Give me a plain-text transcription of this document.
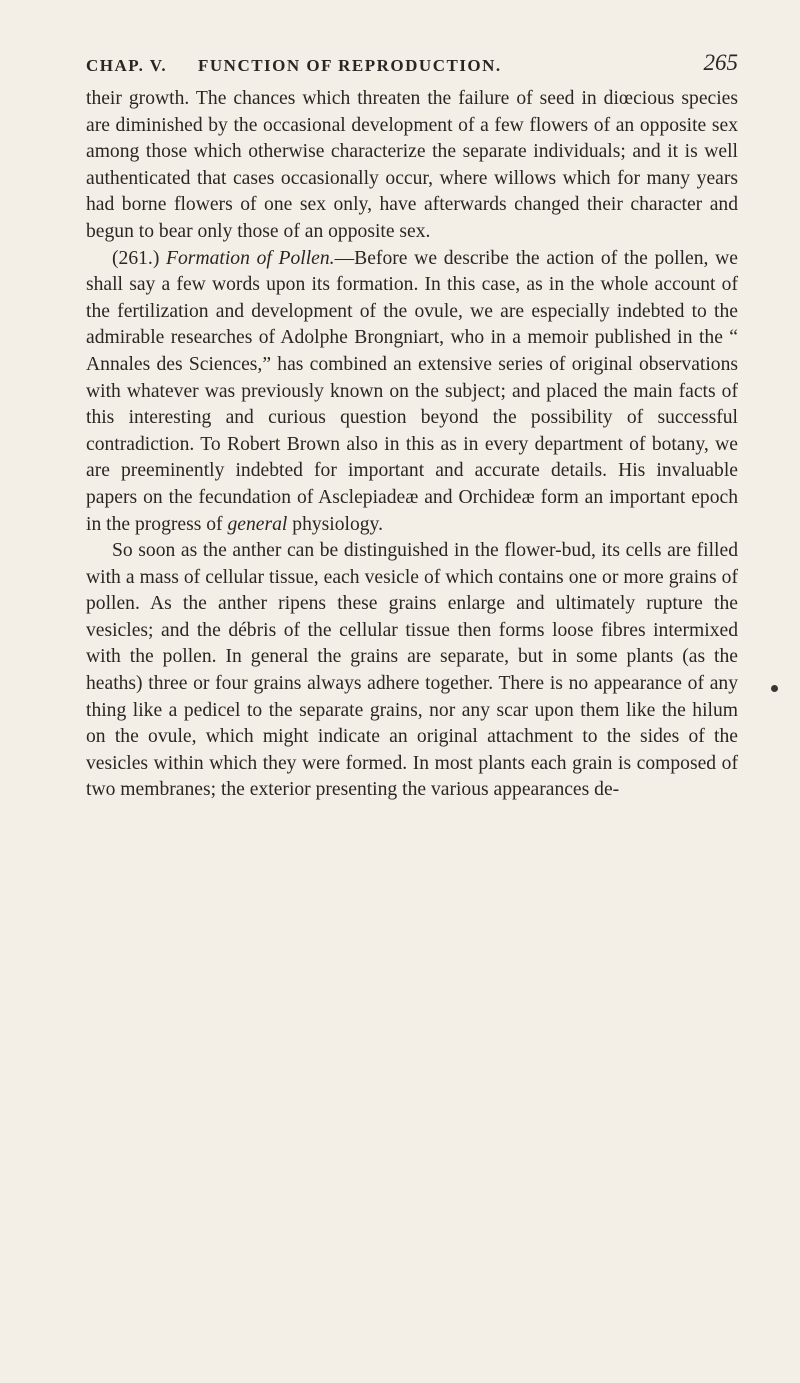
CHAP. V. FUNCTION OF REPRODUCTION.	265

their growth. The chances which threaten the failure of seed in diœcious species are diminished by the occasional development of a few flowers of an opposite sex among those which otherwise characterize the separate individuals; and it is well authenticated that cases occasionally occur, where willows which for many years had borne flowers of one sex only, have afterwards changed their character and begun to bear only those of an opposite sex.

(261.) Formation of Pollen.—Before we describe the action of the pollen, we shall say a few words upon its formation. In this case, as in the whole account of the fertilization and development of the ovule, we are especially indebted to the admirable researches of Adolphe Brongniart, who in a memoir published in the “ Annales des Sciences,” has combined an extensive series of original observations with whatever was previously known on the subject; and placed the main facts of this interesting and curious question beyond the possibility of successful contradiction. To Robert Brown also in this as in every department of botany, we are preeminently indebted for important and accurate details. His invaluable papers on the fecundation of Asclepiadeæ and Orchideæ form an important epoch in the progress of general physiology.

So soon as the anther can be distinguished in the flower-bud, its cells are filled with a mass of cellular tissue, each vesicle of which contains one or more grains of pollen. As the anther ripens these grains enlarge and ultimately rupture the vesicles; and the débris of the cellular tissue then forms loose fibres intermixed with the pollen. In general the grains are separate, but in some plants (as the heaths) three or four grains always adhere together. There is no appearance of any thing like a pedicel to the separate grains, nor any scar upon them like the hilum on the ovule, which might indicate an original attachment to the sides of the vesicles within which they were formed. In most plants each grain is composed of two membranes; the exterior presenting the various appearances de-
